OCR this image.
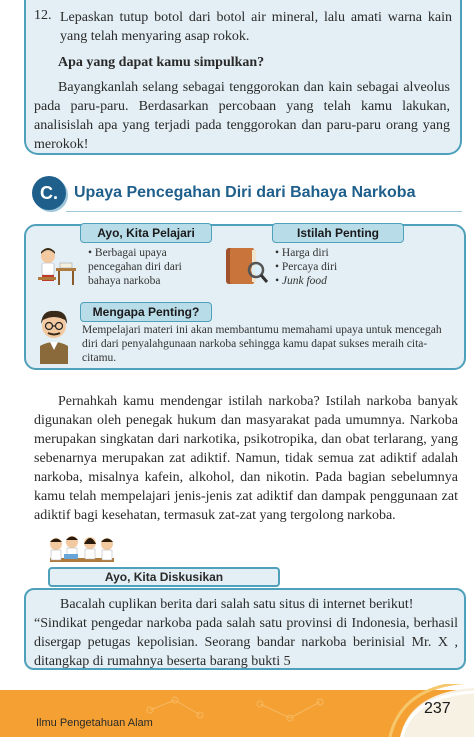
12. Lepaskan tutup botol dari botol air mineral, lalu amati warna kain yang telah menyaring asap rokok.
Apa yang dapat kamu simpulkan?
Bayangkanlah selang sebagai tenggorokan dan kain sebagai alveolus pada paru-paru. Berdasarkan percobaan yang telah kamu lakukan, analisislah apa yang terjadi pada tenggorokan dan paru-paru orang yang merokok!
C.	Upaya Pencegahan Diri dari Bahaya Narkoba
Ayo, Kita Pelajari	Istilah Penting
Mengapa Penting?
• Berbagai upaya pencegahan diri dari bahaya narkoba
• Harga diri
• Percaya diri
• Junk food
Mempelajari materi ini akan membantumu memahami upaya untuk mencegah diri dari penyalahgunaan narkoba sehingga kamu dapat sukses meraih cita-citamu.
Pernahkah kamu mendengar istilah narkoba? Istilah narkoba banyak digunakan oleh penegak hukum dan masyarakat pada umumnya. Narkoba merupakan singkatan dari narkotika, psikotropika, dan obat terlarang, yang sebenarnya merupakan zat adiktif. Namun, tidak semua zat adiktif adalah narkoba, misalnya kafein, alkohol, dan nikotin. Pada bagian sebelumnya kamu telah mempelajari jenis-jenis zat adiktif dan dampak penggunaan zat adiktif bagi kesehatan, termasuk zat-zat yang tergolong narkoba.
Ayo, Kita Diskusikan
Bacalah cuplikan berita dari salah satu situs di internet berikut!
“Sindikat pengedar narkoba pada salah satu provinsi di Indonesia, berhasil disergap petugas kepolisian. Seorang bandar narkoba berinisial Mr. X , ditangkap di rumahnya beserta barang bukti 5
Ilmu Pengetahuan Alam
237
